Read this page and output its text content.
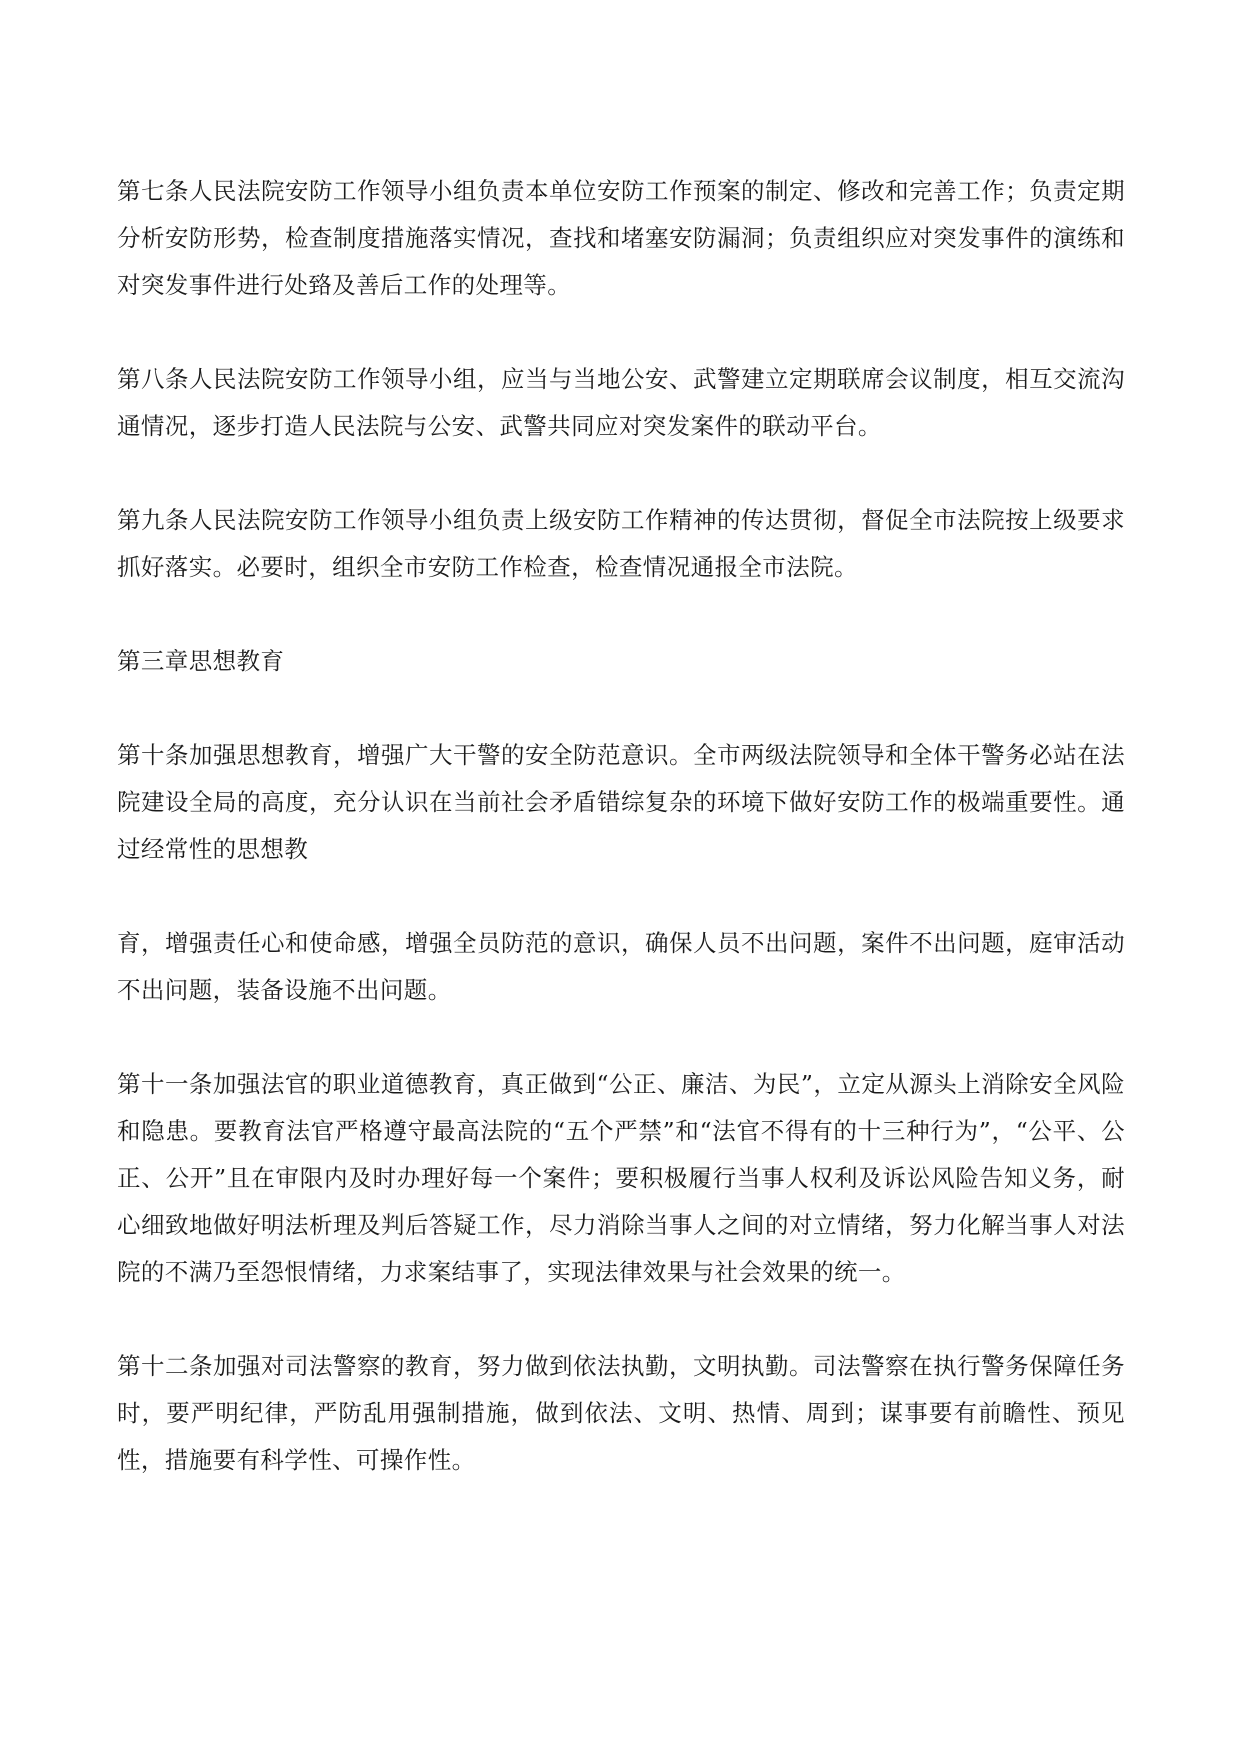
第七条人民法院安防工作领导小组负责本单位安防工作预案的制定、修改和完善工作；负责定期分析安防形势，检查制度措施落实情况，查找和堵塞安防漏洞；负责组织应对突发事件的演练和对突发事件进行处臵及善后工作的处理等。

第八条人民法院安防工作领导小组，应当与当地公安、武警建立定期联席会议制度，相互交流沟通情况，逐步打造人民法院与公安、武警共同应对突发案件的联动平台。

第九条人民法院安防工作领导小组负责上级安防工作精神的传达贯彻，督促全市法院按上级要求抓好落实。必要时，组织全市安防工作检查，检查情况通报全市法院。

第三章思想教育

第十条加强思想教育，增强广大干警的安全防范意识。全市两级法院领导和全体干警务必站在法院建设全局的高度，充分认识在当前社会矛盾错综复杂的环境下做好安防工作的极端重要性。通过经常性的思想教

育，增强责任心和使命感，增强全员防范的意识，确保人员不出问题，案件不出问题，庭审活动不出问题，装备设施不出问题。

第十一条加强法官的职业道德教育，真正做到“公正、廉洁、为民”，立定从源头上消除安全风险和隐患。要教育法官严格遵守最高法院的“五个严禁”和“法官不得有的十三种行为”，“公平、公正、公开”且在审限内及时办理好每一个案件；要积极履行当事人权利及诉讼风险告知义务，耐心细致地做好明法析理及判后答疑工作，尽力消除当事人之间的对立情绪，努力化解当事人对法院的不满乃至怨恨情绪，力求案结事了，实现法律效果与社会效果的统一。

第十二条加强对司法警察的教育，努力做到依法执勤，文明执勤。司法警察在执行警务保障任务时，要严明纪律，严防乱用强制措施，做到依法、文明、热情、周到；谋事要有前瞻性、预见性，措施要有科学性、可操作性。
